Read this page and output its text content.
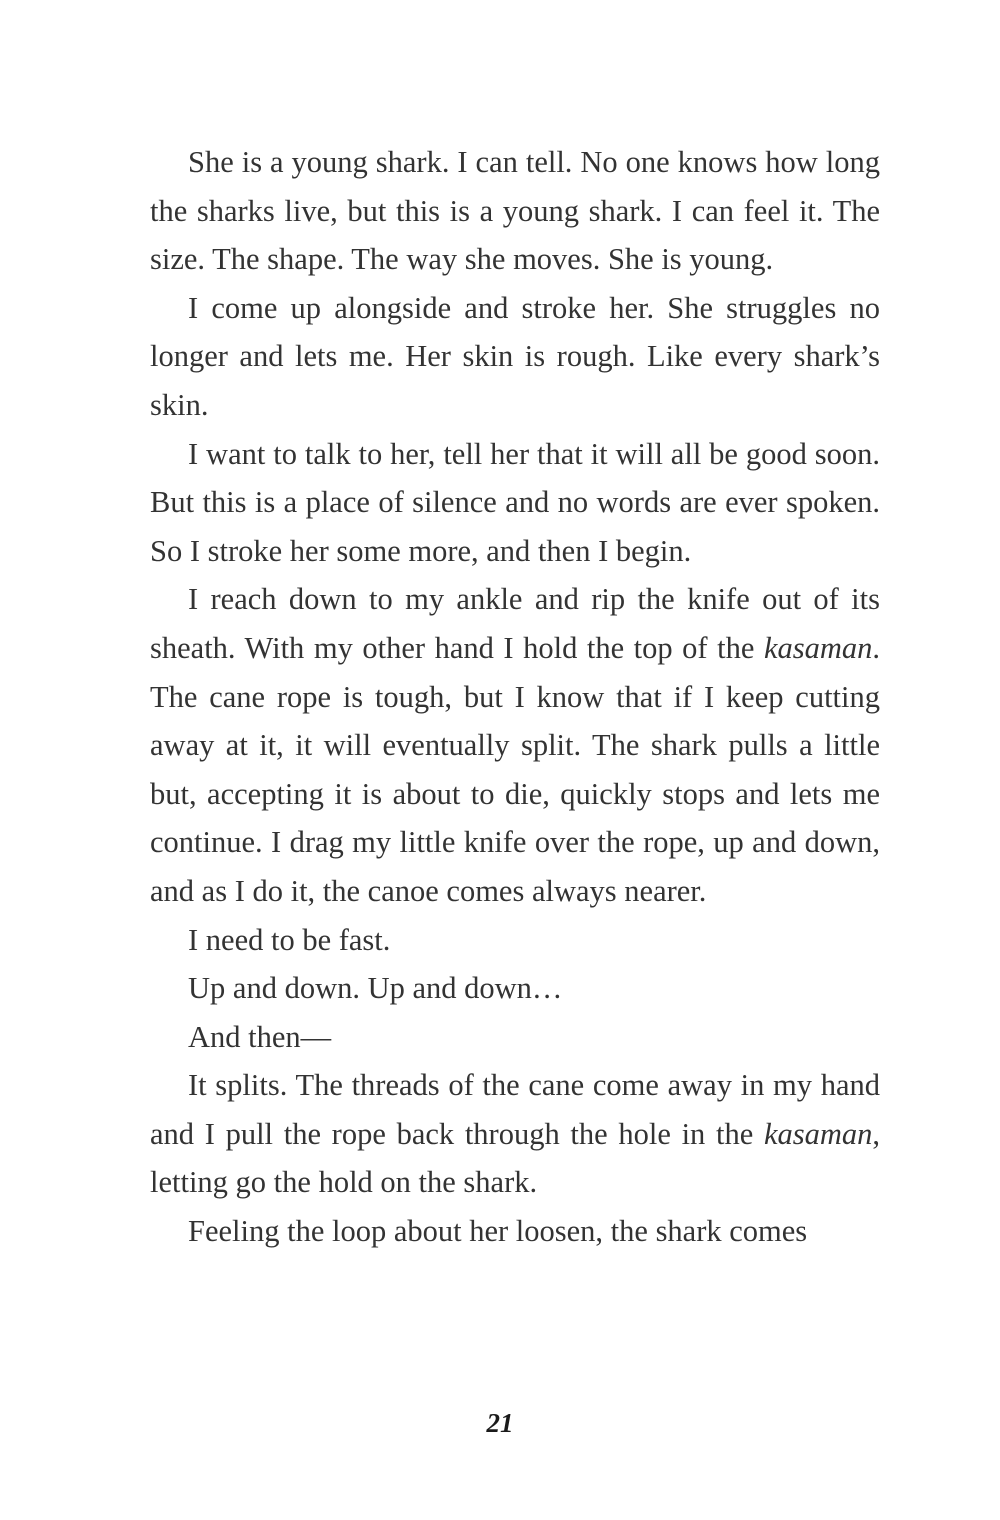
She is a young shark. I can tell. No one knows how long the sharks live, but this is a young shark. I can feel it. The size. The shape. The way she moves. She is young.

I come up alongside and stroke her. She struggles no longer and lets me. Her skin is rough. Like every shark’s skin.

I want to talk to her, tell her that it will all be good soon. But this is a place of silence and no words are ever spoken. So I stroke her some more, and then I begin.

I reach down to my ankle and rip the knife out of its sheath. With my other hand I hold the top of the kasaman. The cane rope is tough, but I know that if I keep cutting away at it, it will eventually split. The shark pulls a little but, accepting it is about to die, quickly stops and lets me continue. I drag my little knife over the rope, up and down, and as I do it, the canoe comes always nearer.

I need to be fast.

Up and down. Up and down…

And then—

It splits. The threads of the cane come away in my hand and I pull the rope back through the hole in the kasaman, letting go the hold on the shark.

Feeling the loop about her loosen, the shark comes

21
